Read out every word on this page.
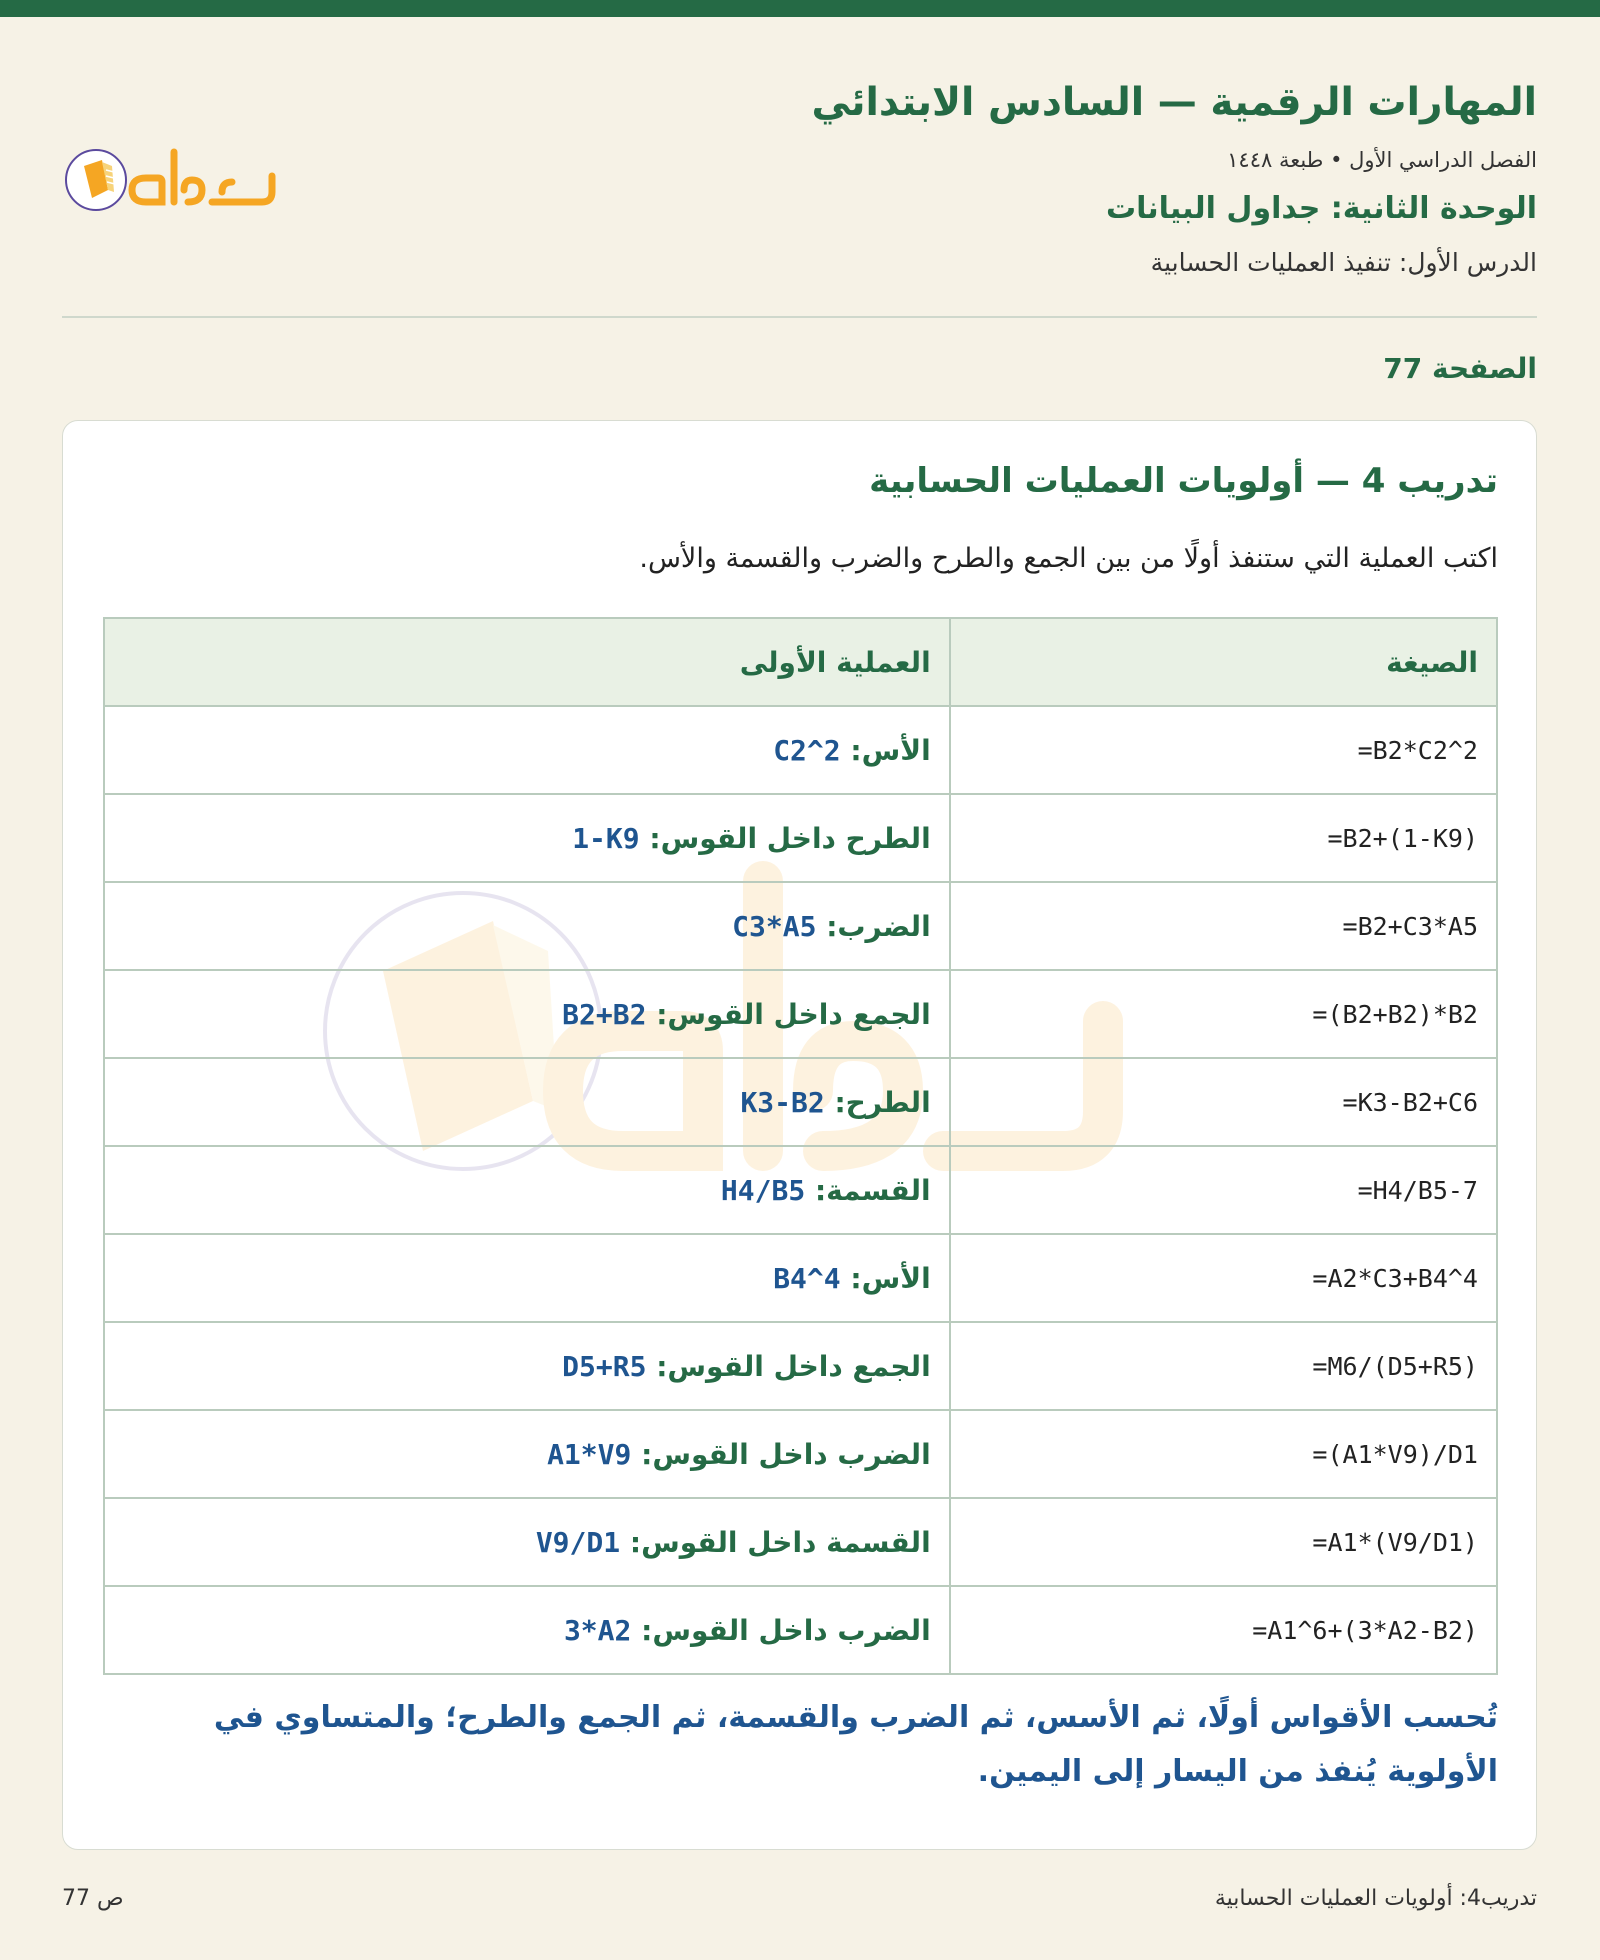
المهارات الرقمية — السادس الابتدائي
الفصل الدراسي الأول • طبعة ١٤٤٨
الوحدة الثانية: جداول البيانات
الدرس الأول: تنفيذ العمليات الحسابية
الصفحة 77
تدريب 4 — أولويات العمليات الحسابية
اكتب العملية التي ستنفذ أولًا من بين الجمع والطرح والضرب والقسمة والأس.
الصيغة	العملية الأولى
=B2*C2^2	الأس: C2^2
=B2+(1-K9)	الطرح داخل القوس: 1-K9
=B2+C3*A5	الضرب: C3*A5
=(B2+B2)*B2	الجمع داخل القوس: B2+B2
=K3-B2+C6	الطرح: K3-B2
=H4/B5-7	القسمة: H4/B5
=A2*C3+B4^4	الأس: B4^4
=M6/(D5+R5)	الجمع داخل القوس: D5+R5
=(A1*V9)/D1	الضرب داخل القوس: A1*V9
=A1*(V9/D1)	القسمة داخل القوس: V9/D1
=A1^6+(3*A2-B2)	الضرب داخل القوس: 3*A2
تُحسب الأقواس أولًا، ثم الأسس، ثم الضرب والقسمة، ثم الجمع والطرح؛ والمتساوي في الأولوية يُنفذ من اليسار إلى اليمين.
ص 77	تدريب4: أولويات العمليات الحسابية
